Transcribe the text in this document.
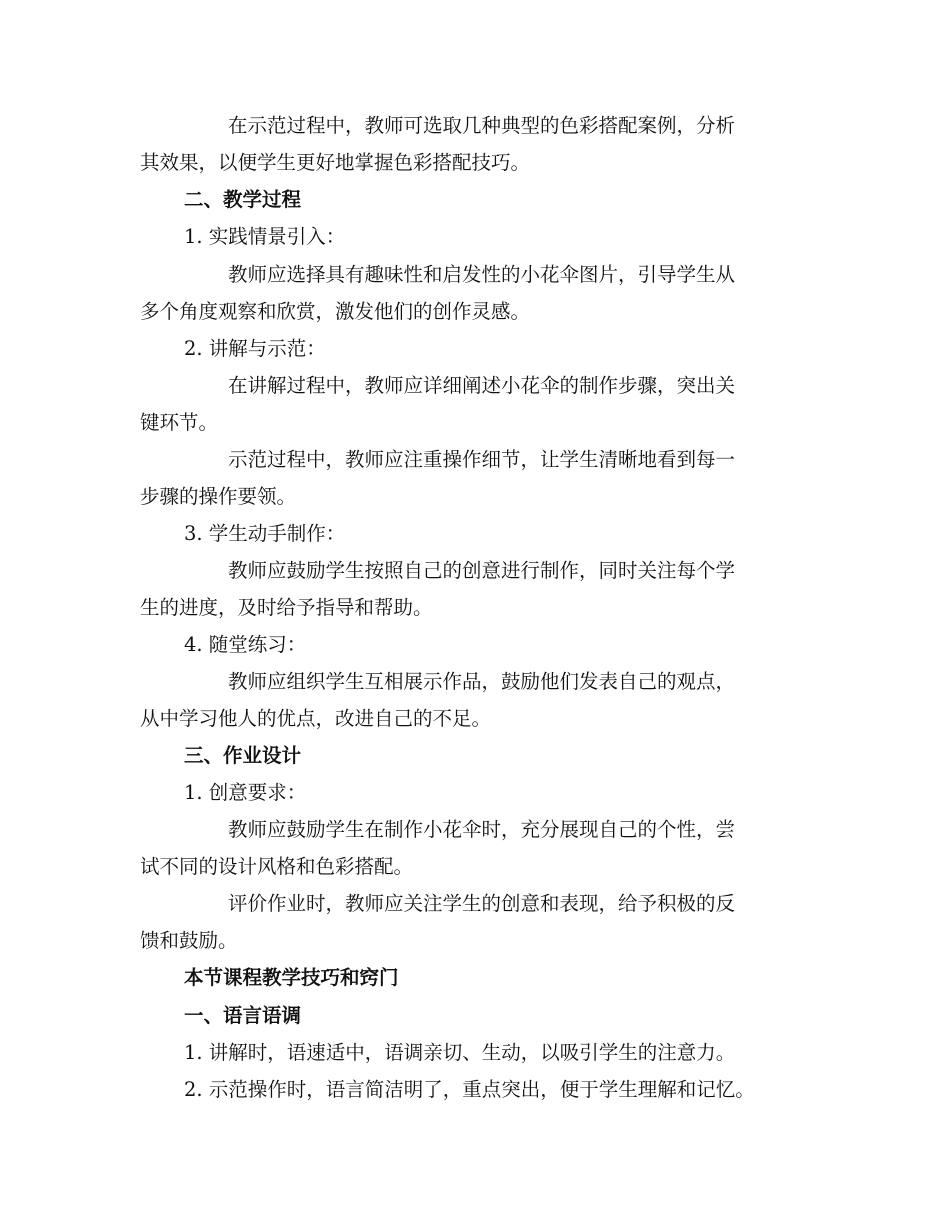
在示范过程中，教师可选取几种典型的色彩搭配案例，分析
其效果，以便学生更好地掌握色彩搭配技巧。
二、教学过程
1. 实践情景引入：
教师应选择具有趣味性和启发性的小花伞图片，引导学生从
多个角度观察和欣赏，激发他们的创作灵感。
2. 讲解与示范：
在讲解过程中，教师应详细阐述小花伞的制作步骤，突出关
键环节。
示范过程中，教师应注重操作细节，让学生清晰地看到每一
步骤的操作要领。
3. 学生动手制作：
教师应鼓励学生按照自己的创意进行制作，同时关注每个学
生的进度，及时给予指导和帮助。
4. 随堂练习：
教师应组织学生互相展示作品，鼓励他们发表自己的观点，
从中学习他人的优点，改进自己的不足。
三、作业设计
1. 创意要求：
教师应鼓励学生在制作小花伞时，充分展现自己的个性，尝
试不同的设计风格和色彩搭配。
评价作业时，教师应关注学生的创意和表现，给予积极的反
馈和鼓励。
本节课程教学技巧和窍门
一、语言语调
1. 讲解时，语速适中，语调亲切、生动，以吸引学生的注意力。
2. 示范操作时，语言简洁明了，重点突出，便于学生理解和记忆。
